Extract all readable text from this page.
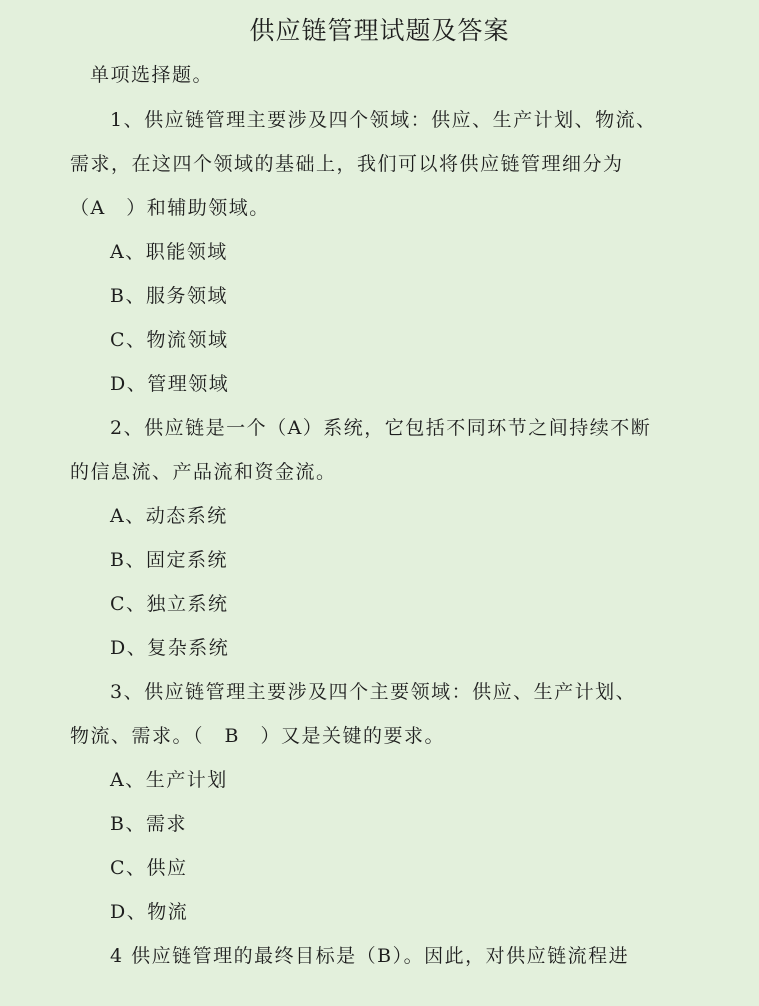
供应链管理试题及答案
单项选择题。
1、供应链管理主要涉及四个领域：供应、生产计划、物流、
需求，在这四个领域的基础上，我们可以将供应链管理细分为
（A　）和辅助领域。
A、职能领域
B、服务领域
C、物流领域
D、管理领域
2、供应链是一个（A）系统，它包括不同环节之间持续不断
的信息流、产品流和资金流。
A、动态系统
B、固定系统
C、独立系统
D、复杂系统
3、供应链管理主要涉及四个主要领域：供应、生产计划、
物流、需求。（　B　）又是关键的要求。
A、生产计划
B、需求
C、供应
D、物流
4 供应链管理的最终目标是（B）。因此，对供应链流程进
